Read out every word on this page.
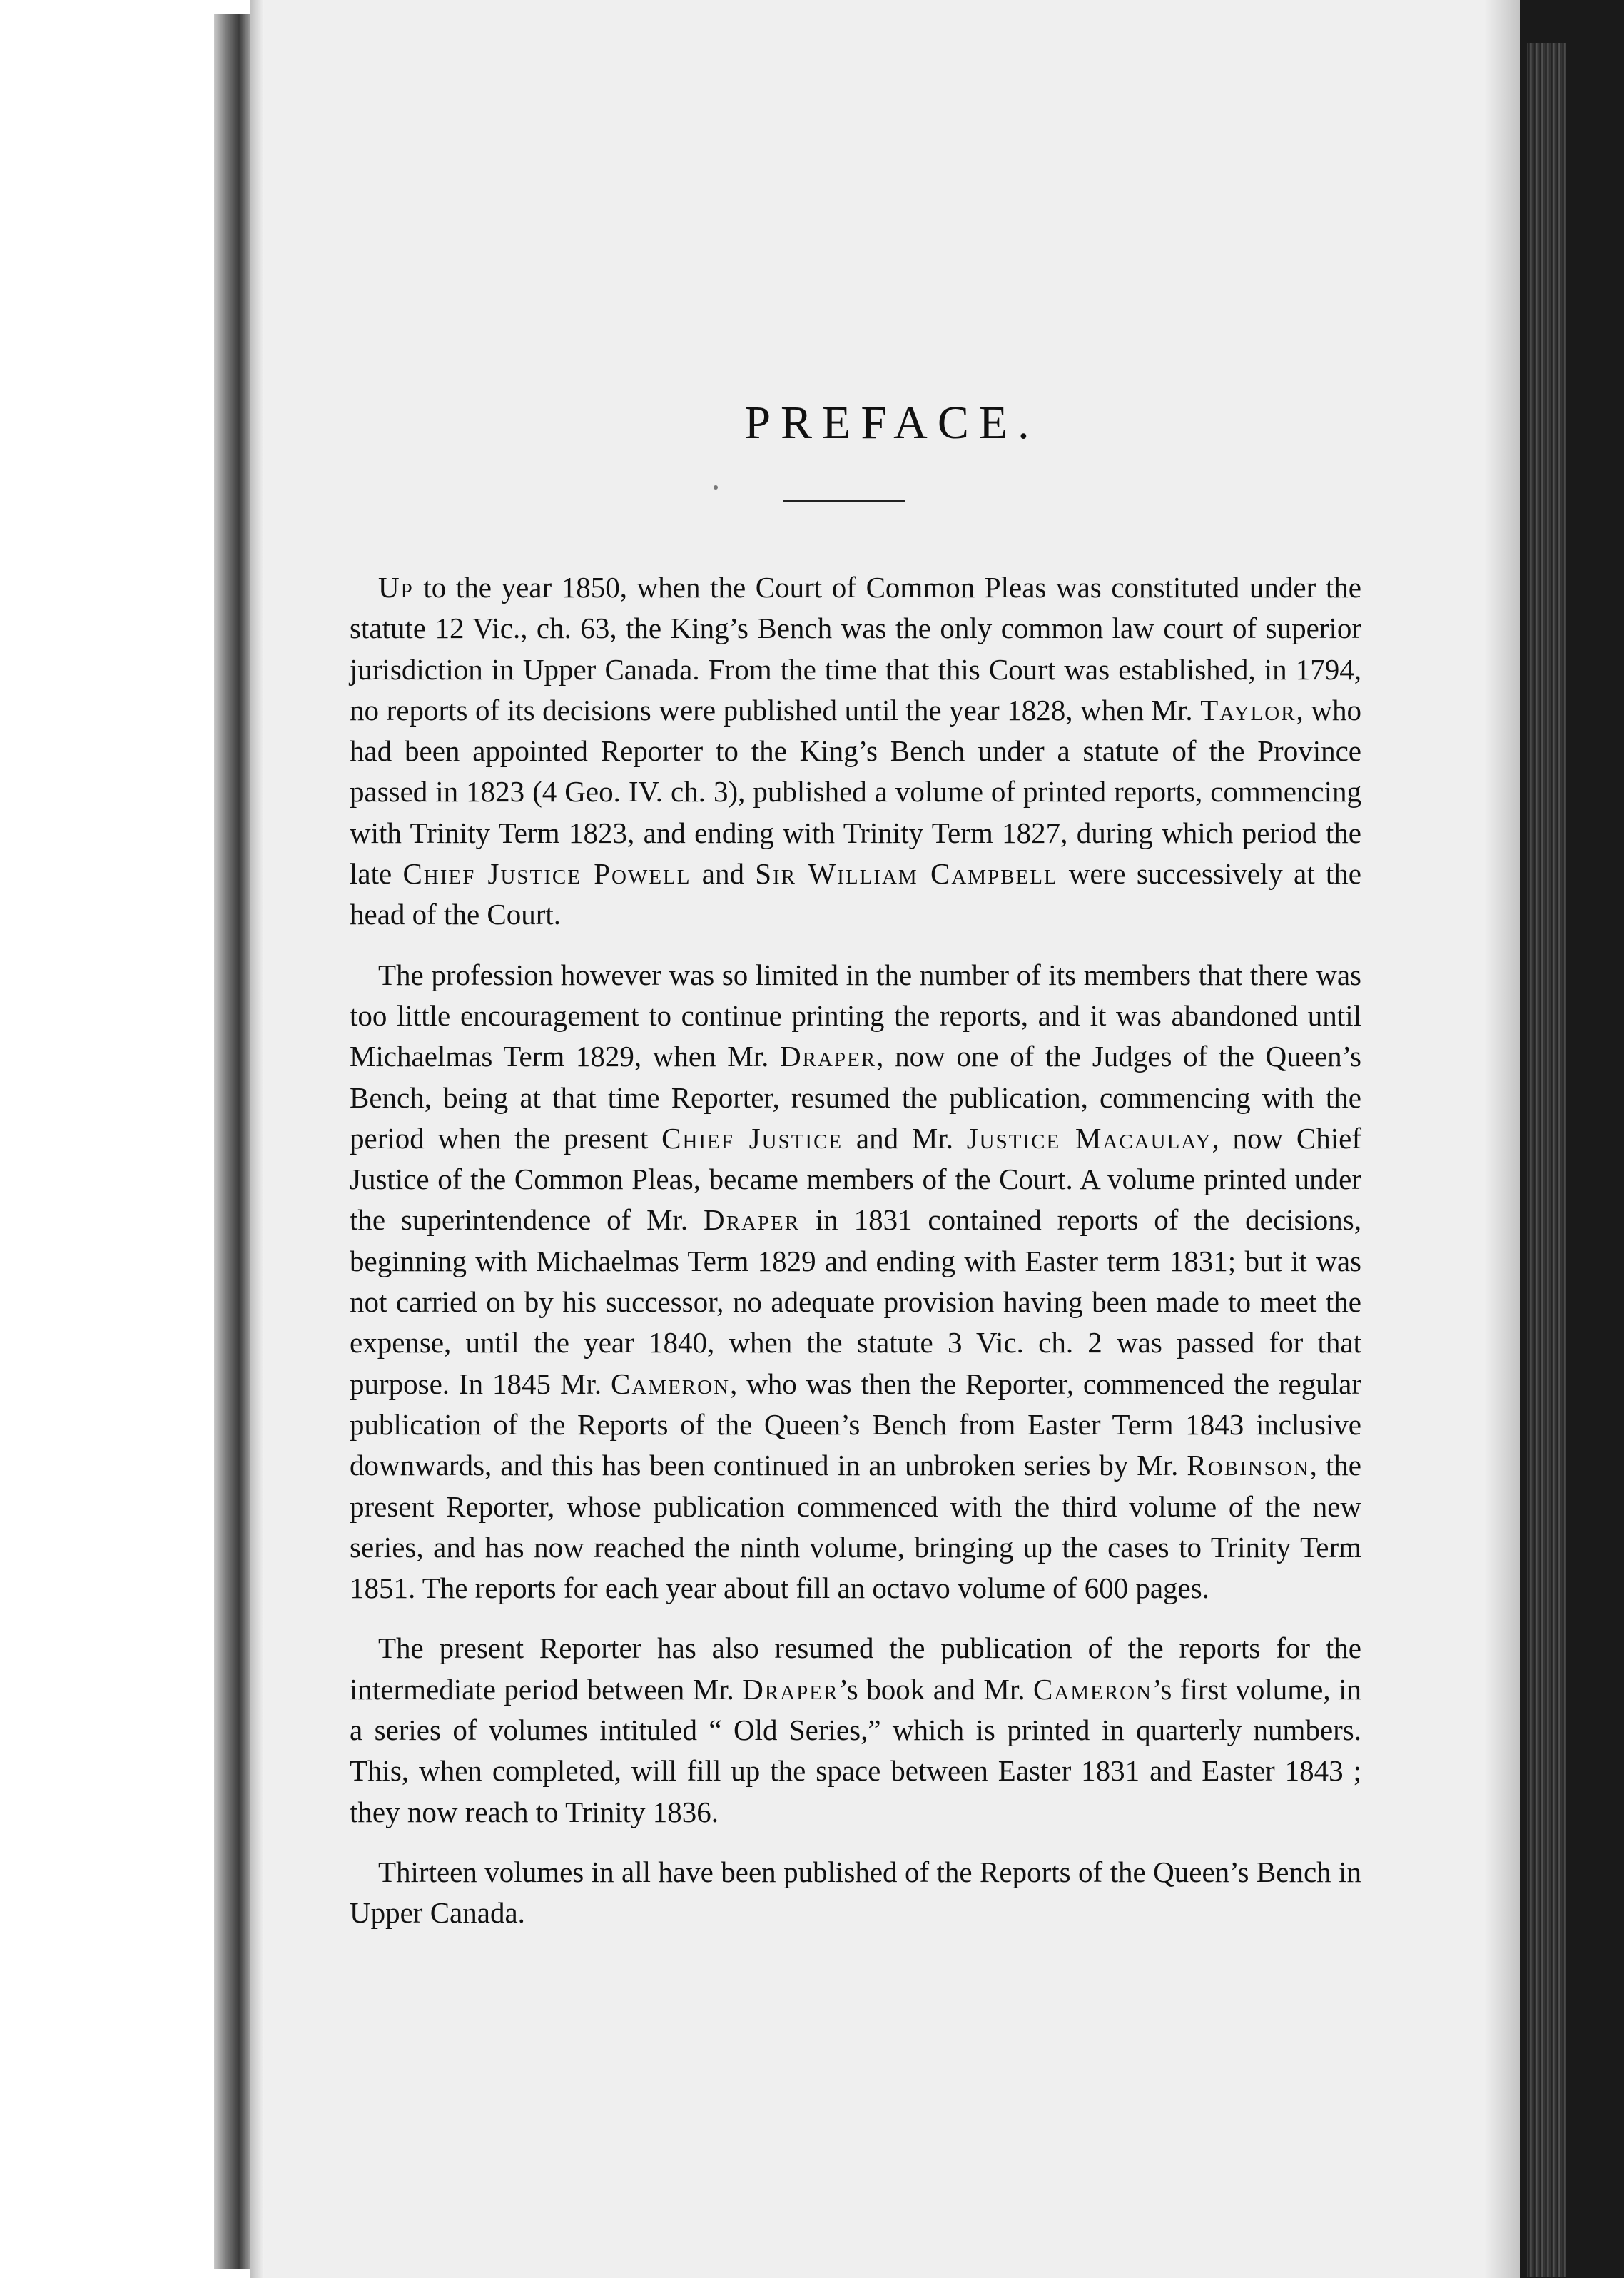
PREFACE.

Up to the year 1850, when the Court of Common Pleas was constituted under the statute 12 Vic., ch. 63, the King’s Bench was the only common law court of superior jurisdiction in Upper Canada. From the time that this Court was established, in 1794, no reports of its decisions were published until the year 1828, when Mr. Taylor, who had been appointed Reporter to the King’s Bench under a statute of the Province passed in 1823 (4 Geo. IV. ch. 3), published a volume of printed reports, commencing with Trinity Term 1823, and ending with Trinity Term 1827, during which period the late Chief Justice Powell and Sir William Campbell were successively at the head of the Court.

The profession however was so limited in the number of its members that there was too little encouragement to continue printing the reports, and it was abandoned until Michaelmas Term 1829, when Mr. Draper, now one of the Judges of the Queen’s Bench, being at that time Reporter, resumed the publication, commencing with the period when the present Chief Justice and Mr. Justice Macaulay, now Chief Justice of the Common Pleas, became members of the Court. A volume printed under the superintendence of Mr. Draper in 1831 contained reports of the decisions, beginning with Michaelmas Term 1829 and ending with Easter term 1831; but it was not carried on by his successor, no adequate provision having been made to meet the expense, until the year 1840, when the statute 3 Vic. ch. 2 was passed for that purpose. In 1845 Mr. Cameron, who was then the Reporter, commenced the regular publication of the Reports of the Queen’s Bench from Easter Term 1843 inclusive downwards, and this has been continued in an unbroken series by Mr. Robinson, the present Reporter, whose publication commenced with the third volume of the new series, and has now reached the ninth volume, bringing up the cases to Trinity Term 1851. The reports for each year about fill an octavo volume of 600 pages.

The present Reporter has also resumed the publication of the reports for the intermediate period between Mr. Draper’s book and Mr. Cameron’s first volume, in a series of volumes intituled “ Old Series,” which is printed in quarterly numbers. This, when completed, will fill up the space between Easter 1831 and Easter 1843 ; they now reach to Trinity 1836.

Thirteen volumes in all have been published of the Reports of the Queen’s Bench in Upper Canada.
